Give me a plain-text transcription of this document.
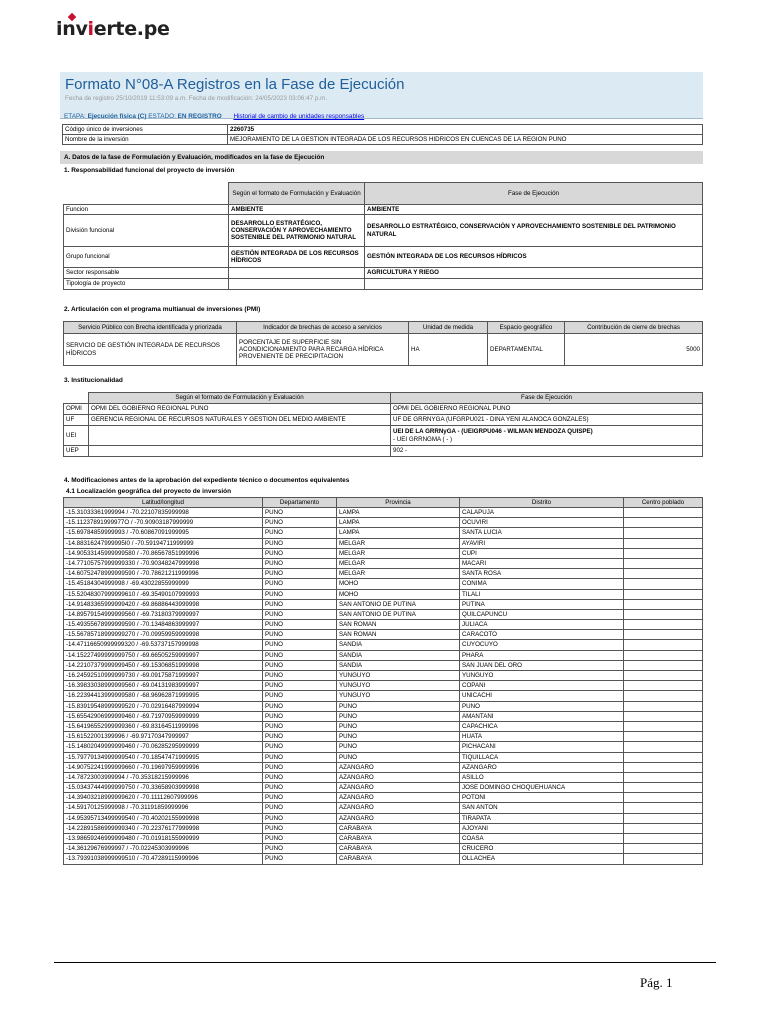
invierte.pe
Formato N°08-A Registros en la Fase de Ejecución
Fecha de registro 25/10/2019 11:53:09 a.m. Fecha de modificación: 24/05/2023 03:06:47 p.m.
ETAPA: Ejecución física (C) ESTADO: EN REGISTRO Historial de cambio de unidades responsables
Código único de inversiones	2260735
Nombre de la inversión	MEJORAMIENTO DE LA GESTION INTEGRADA DE LOS RECURSOS HIDRICOS EN CUENCAS DE LA REGION PUNO
A. Datos de la fase de Formulación y Evaluación, modificados en la fase de Ejecución
1. Responsabilidad funcional del proyecto de inversión
	Según el formato de Formulación y Evaluación	Fase de Ejecución
Funcion	AMBIENTE	AMBIENTE
División funcional	DESARROLLO ESTRATÉGICO, CONSERVACIÓN Y APROVECHAMIENTO SOSTENIBLE DEL PATRIMONIO NATURAL	DESARROLLO ESTRATÉGICO, CONSERVACIÓN Y APROVECHAMIENTO SOSTENIBLE DEL PATRIMONIO NATURAL
Grupo funcional	GESTIÓN INTEGRADA DE LOS RECURSOS HÍDRICOS	GESTIÓN INTEGRADA DE LOS RECURSOS HÍDRICOS
Sector responsable		AGRICULTURA Y RIEGO
Tipología de proyecto		
2. Articulación con el programa multianual de inversiones (PMI)
Servicio Público con Brecha identificada y priorizada	Indicador de brechas de acceso a servicios	Unidad de medida	Espacio geográfico	Contribución de cierre de brechas
SERVICIO DE GESTIÓN INTEGRADA DE RECURSOS HÍDRICOS	PORCENTAJE DE SUPERFICIE SIN ACONDICIONAMIENTO PARA RECARGA HÍDRICA PROVENIENTE DE PRECIPITACION	HA	DEPARTAMENTAL	5000
3. Institucionalidad
	Según el formato de Formulación y Evaluación	Fase de Ejecución
OPMI	OPMI DEL GOBIERNO REGIONAL PUNO	OPMI DEL GOBIERNO REGIONAL PUNO
UF	GERENCIA REGIONAL DE RECURSOS NATURALES Y GESTION DEL MEDIO AMBIENTE	UF DE GRRNYGA (UFGRPU021 - DINA YENI ALANOCA GONZALES)
UEI		UEI DE LA GRRNyGA - (UEIGRPU046 - WILMAN MENDOZA QUISPE)
- UEI GRRNGMA ( - )

UEP		902 -
4. Modificaciones antes de la aprobación del expediente técnico o documentos equivalentes
4.1 Localización geográfica del proyecto de inversión
Latitud/longitud	Departamento	Provincia	Distrito	Centro poblado
-15.31033361999994 / -70.22107835999998	PUNO	LAMPA	CALAPUJA	
-15.11237891999977O / -70.90903187999999	PUNO	LAMPA	OCUVIRI	
-15.69784859999993 / -70.60867091999995	PUNO	LAMPA	SANTA LUCIA	
-14.88316247999995I0 / -70.59194711999999	PUNO	MELGAR	AYAVIRI	
-14.90533145999999580 / -70.86567851999996	PUNO	MELGAR	CUPI	
-14.77105757999999330 / -70.90348247999998	PUNO	MELGAR	MACARI	
-14.60752478999999590 / -70.78621211999996	PUNO	MELGAR	SANTA ROSA	
-15.45184304999998 / -69.43022855999999	PUNO	MOHO	CONIMA	
-15.52048307999999610 / -69.35490107999993	PUNO	MOHO	TILALI	
-14.91483365999999420 / -69.86886443999998	PUNO	SAN ANTONIO DE PUTINA	PUTINA	
-14.89579154999999560 / -69.73180379999997	PUNO	SAN ANTONIO DE PUTINA	QUILCAPUNCU	
-15.49355678999999590 / -70.13484863999997	PUNO	SAN ROMAN	JULIACA	
-15.56785718999999270 / -70.09959959999998	PUNO	SAN ROMAN	CARACOTO	
-14.47116650999999320 / -69.53737157999998	PUNO	SANDIA	CUYOCUYO	
-14.15227499999999750 / -69.66505259999997	PUNO	SANDIA	PHARA	
-14.22107379999999450 / -69.15306851999998	PUNO	SANDIA	SAN JUAN DEL ORO	
-16.24592510999999730 / -69.09175871999997	PUNO	YUNGUYO	YUNGUYO	
-16.39833038999999560 / -69.04131983999997	PUNO	YUNGUYO	COPANI	
-16.22394413999999580 / -68.96962871999995	PUNO	YUNGUYO	UNICACHI	
-15.83919548999999520 / -70.02916487999994	PUNO	PUNO	PUNO	
-15.65542906999999460 / -69.71970959999999	PUNO	PUNO	AMANTANI	
-15.64196552999999360 / -69.83164511999996	PUNO	PUNO	CAPACHICA	
-15.61522001399996 / -69.97170347999997	PUNO	PUNO	HUATA	
-15.14802049999999460 / -70.06285295999999	PUNO	PUNO	PICHACANI	
-15.79779134999999540 / -70.18547471999995	PUNO	PUNO	TIQUILLACA	
-14.90752241999999660 / -70.19697959999996	PUNO	AZANGARO	AZANGARO	
-14.78723003999994 / -70.35318215999996	PUNO	AZANGARO	ASILLO	
-15.03437444999999750 / -70.33658903999998	PUNO	AZANGARO	JOSE DOMINGO CHOQUEHUANCA	
-14.39403218999999620 / -70.11112607999996	PUNO	AZANGARO	POTONI	
-14.59170125999998 / -70.31191859999996	PUNO	AZANGARO	SAN ANTON	
-14.95395713499999540 / -70.40202155999998	PUNO	AZANGARO	TIRAPATA	
-14.22891586999999340 / -70.22376177999998	PUNO	CARABAYA	AJOYANI	
-13.98659246999999480 / -70.01918155999999	PUNO	CARABAYA	COASA	
-14.36129676999997 / -70.02245303999996	PUNO	CARABAYA	CRUCERO	
-13.79391038999999510 / -70.47289115999996	PUNO	CARABAYA	OLLACHEA	
Pág. 1
